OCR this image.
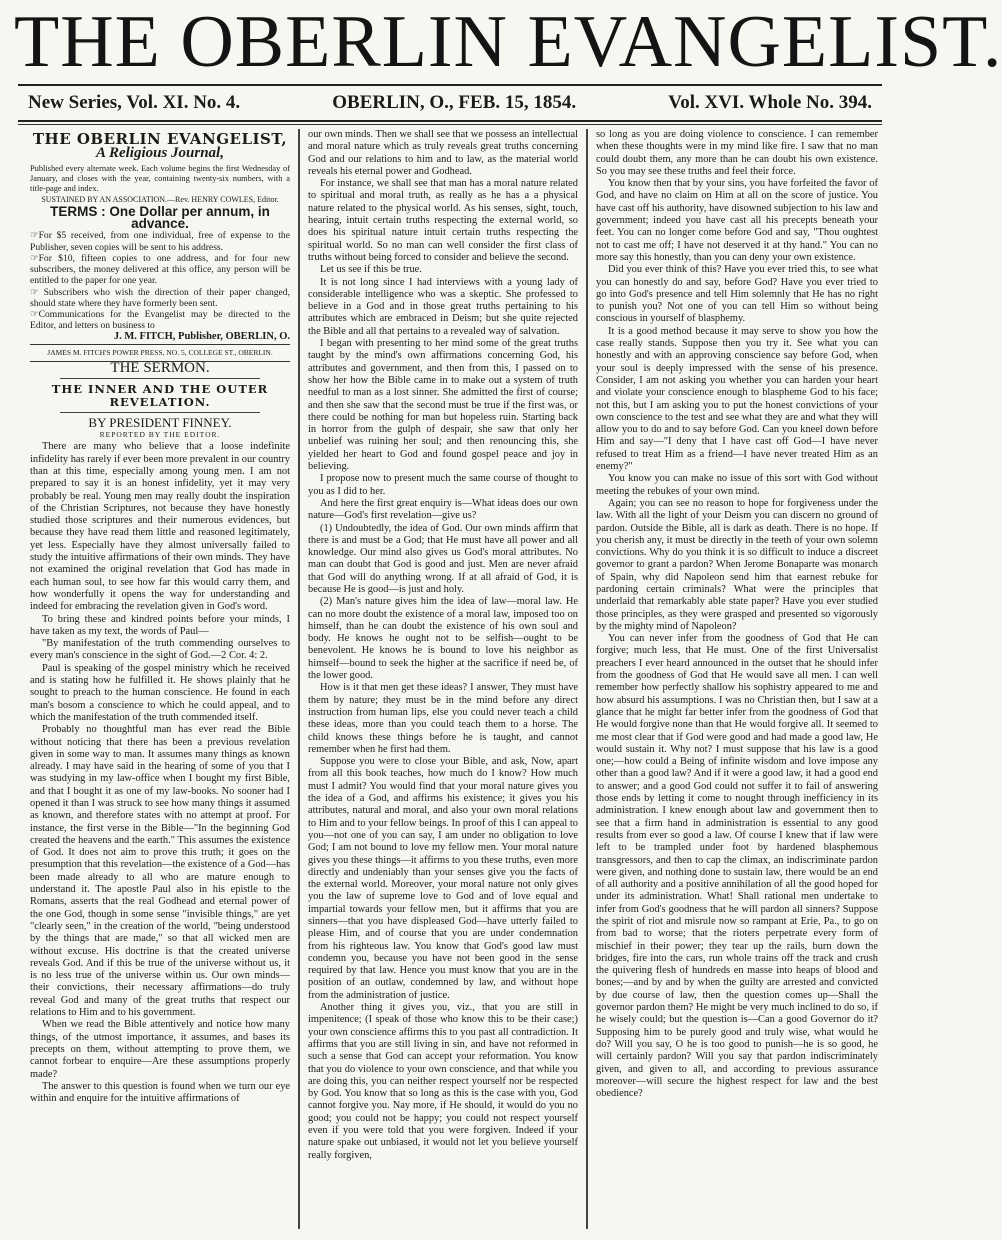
THE OBERLIN EVANGELIST.
New Series, Vol. XI. No. 4.	OBERLIN, O., FEB. 15, 1854.	Vol. XVI. Whole No. 394.

THE OBERLIN EVANGELIST,

A Religious Journal,

Published every alternate week. Each volume begins the first Wednesday of January, and closes with the year, containing twenty-six numbers, with a title-page and index.

SUSTAINED BY AN ASSOCIATION.—Rev. HENRY COWLES, Editor.

TERMS : One Dollar per annum, in advance.

☞For $5 received, from one individual, free of expense to the Publisher, seven copies will be sent to his address.

☞For $10, fifteen copies to one address, and for four new subscribers, the money delivered at this office, any person will be entitled to the paper for one year.

☞ Subscribers who wish the direction of their paper changed, should state where they have formerly been sent.

☞Communications for the Evangelist may be directed to the Editor, and letters on business to

J. M. FITCH, Publisher, OBERLIN, O.

JAMES M. FITCH'S POWER PRESS, NO. 5, COLLEGE ST., OBERLIN.

THE SERMON.

THE INNER AND THE OUTER REVELATION.

BY PRESIDENT FINNEY.

REPORTED BY THE EDITOR.

There are many who believe that a loose indefinite infidelity has rarely if ever been more prevalent in our country than at this time, especially among young men. I am not prepared to say it is an honest infidelity, yet it may very probably be real. Young men may really doubt the inspiration of the Christian Scriptures, not because they have honestly studied those scriptures and their numerous evidences, but because they have read them little and reasoned legitimately, yet less. Especially have they almost universally failed to study the intuitive affirmations of their own minds. They have not examined the original revelation that God has made in each human soul, to see how far this would carry them, and how wonderfully it opens the way for understanding and indeed for embracing the revelation given in God's word.

To bring these and kindred points before your minds, I have taken as my text, the words of Paul—

"By manifestation of the truth commending ourselves to every man's conscience in the sight of God.—2 Cor. 4: 2.

Paul is speaking of the gospel ministry which he received and is stating how he fulfilled it. He shows plainly that he sought to preach to the human conscience. He found in each man's bosom a conscience to which he could appeal, and to which the manifestation of the truth commended itself.

Probably no thoughtful man has ever read the Bible without noticing that there has been a previous revelation given in some way to man. It assumes many things as known already. I may have said in the hearing of some of you that I was studying in my law-office when I bought my first Bible, and that I bought it as one of my law-books. No sooner had I opened it than I was struck to see how many things it assumed as known, and therefore states with no attempt at proof. For instance, the first verse in the Bible—"In the beginning God created the heavens and the earth." This assumes the existence of God. It does not aim to prove this truth; it goes on the presumption that this revelation—the existence of a God—has been made already to all who are mature enough to understand it. The apostle Paul also in his epistle to the Romans, asserts that the real Godhead and eternal power of the one God, though in some sense "invisible things," are yet "clearly seen," in the creation of the world, "being understood by the things that are made," so that all wicked men are without excuse. His doctrine is that the created universe reveals God. And if this be true of the universe without us, it is no less true of the universe within us. Our own minds—their convictions, their necessary affirmations—do truly reveal God and many of the great truths that respect our relations to Him and to his government.

When we read the Bible attentively and notice how many things, of the utmost importance, it assumes, and bases its precepts on them, without attempting to prove them, we cannot forbear to enquire—Are these assumptions properly made?

The answer to this question is found when we turn our eye within and enquire for the intuitive affirmations of

our own minds. Then we shall see that we possess an intellectual and moral nature which as truly reveals great truths concerning God and our relations to him and to law, as the material world reveals his eternal power and Godhead.

For instance, we shall see that man has a moral nature related to spiritual and moral truth, as really as he has a a physical nature related to the physical world. As his senses, sight, touch, hearing, intuit certain truths respecting the external world, so does his spiritual nature intuit certain truths respecting the spiritual world. So no man can well consider the first class of truths without being forced to consider and believe the second.

Let us see if this be true.

It is not long since I had interviews with a young lady of considerable intelligence who was a skeptic. She professed to believe in a God and in those great truths pertaining to his attributes which are embraced in Deism; but she quite rejected the Bible and all that pertains to a revealed way of salvation.

I began with presenting to her mind some of the great truths taught by the mind's own affirmations concerning God, his attributes and government, and then from this, I passed on to show her how the Bible came in to make out a system of truth needful to man as a lost sinner. She admitted the first of course; and then she saw that the second must be true if the first was, or there could be nothing for man but hopeless ruin. Starting back in horror from the gulph of despair, she saw that only her unbelief was ruining her soul; and then renouncing this, she yielded her heart to God and found gospel peace and joy in believing.

I propose now to present much the same course of thought to you as I did to her.

And here the first great enquiry is—What ideas does our own nature—God's first revelation—give us?

(1) Undoubtedly, the idea of God. Our own minds affirm that there is and must be a God; that He must have all power and all knowledge. Our mind also gives us God's moral attributes. No man can doubt that God is good and just. Men are never afraid that God will do anything wrong. If at all afraid of God, it is because He is good—is just and holy.

(2) Man's nature gives him the idea of law—moral law. He can no more doubt the existence of a moral law, imposed too on himself, than he can doubt the existence of his own soul and body. He knows he ought not to be selfish—ought to be benevolent. He knows he is bound to love his neighbor as himself—bound to seek the higher at the sacrifice if need be, of the lower good.

How is it that men get these ideas? I answer, They must have them by nature; they must be in the mind before any direct instruction from human lips, else you could never teach a child these ideas, more than you could teach them to a horse. The child knows these things before he is taught, and cannot remember when he first had them.

Suppose you were to close your Bible, and ask, Now, apart from all this book teaches, how much do I know? How much must I admit? You would find that your moral nature gives you the idea of a God, and affirms his existence; it gives you his attributes, natural and moral, and also your own moral relations to Him and to your fellow beings. In proof of this I can appeal to you—not one of you can say, I am under no obligation to love God; I am not bound to love my fellow men. Your moral nature gives you these things—it affirms to you these truths, even more directly and undeniably than your senses give you the facts of the external world. Moreover, your moral nature not only gives you the law of supreme love to God and of love equal and impartial towards your fellow men, but it affirms that you are sinners—that you have displeased God—have utterly failed to please Him, and of course that you are under condemnation from his righteous law. You know that God's good law must condemn you, because you have not been good in the sense required by that law. Hence you must know that you are in the position of an outlaw, condemned by law, and without hope from the administration of justice.

Another thing it gives you, viz., that you are still in impenitence; (I speak of those who know this to be their case;) your own conscience affirms this to you past all contradiction. It affirms that you are still living in sin, and have not reformed in such a sense that God can accept your reformation. You know that you do violence to your own conscience, and that while you are doing this, you can neither respect yourself nor be respected by God. You know that so long as this is the case with you, God cannot forgive you. Nay more, if He should, it would do you no good; you could not be happy; you could not respect yourself even if you were told that you were forgiven. Indeed if your nature spake out unbiased, it would not let you believe yourself really forgiven,

so long as you are doing violence to conscience. I can remember when these thoughts were in my mind like fire. I saw that no man could doubt them, any more than he can doubt his own existence. So you may see these truths and feel their force.

You know then that by your sins, you have forfeited the favor of God, and have no claim on Him at all on the score of justice. You have cast off his authority, have disowned subjection to his law and government; indeed you have cast all his precepts beneath your feet. You can no longer come before God and say, "Thou oughtest not to cast me off; I have not deserved it at thy hand." You can no more say this honestly, than you can deny your own existence.

Did you ever think of this? Have you ever tried this, to see what you can honestly do and say, before God? Have you ever tried to go into God's presence and tell Him solemnly that He has no right to punish you? Not one of you can tell Him so without being conscious in yourself of blasphemy.

It is a good method because it may serve to show you how the case really stands. Suppose then you try it. See what you can honestly and with an approving conscience say before God, when your soul is deeply impressed with the sense of his presence. Consider, I am not asking you whether you can harden your heart and violate your conscience enough to blaspheme God to his face; not this, but I am asking you to put the honest convictions of your own conscience to the test and see what they are and what they will allow you to do and to say before God. Can you kneel down before Him and say—"I deny that I have cast off God—I have never refused to treat Him as a friend—I have never treated Him as an enemy?"

You know you can make no issue of this sort with God without meeting the rebukes of your own mind.

Again; you can see no reason to hope for forgiveness under the law. With all the light of your Deism you can discern no ground of pardon. Outside the Bible, all is dark as death. There is no hope. If you cherish any, it must be directly in the teeth of your own solemn convictions. Why do you think it is so difficult to induce a discreet governor to grant a pardon? When Jerome Bonaparte was monarch of Spain, why did Napoleon send him that earnest rebuke for pardoning certain criminals? What were the principles that underlaid that remarkably able state paper? Have you ever studied those principles, as they were grasped and presented so vigorously by the mighty mind of Napoleon?

You can never infer from the goodness of God that He can forgive; much less, that He must. One of the first Universalist preachers I ever heard announced in the outset that he should infer from the goodness of God that He would save all men. I can well remember how perfectly shallow his sophistry appeared to me and how absurd his assumptions. I was no Christian then, but I saw at a glance that he might far better infer from the goodness of God that He would forgive none than that He would forgive all. It seemed to me most clear that if God were good and had made a good law, He would sustain it. Why not? I must suppose that his law is a good one;—how could a Being of infinite wisdom and love impose any other than a good law? And if it were a good law, it had a good end to answer; and a good God could not suffer it to fail of answering those ends by letting it come to nought through inefficiency in its administration. I knew enough about law and government then to see that a firm hand in administration is essential to any good results from ever so good a law. Of course I knew that if law were left to be trampled under foot by hardened blasphemous transgressors, and then to cap the climax, an indiscriminate pardon were given, and nothing done to sustain law, there would be an end of all authority and a positive annihilation of all the good hoped for under its administration. What! Shall rational men undertake to infer from God's goodness that he will pardon all sinners? Suppose the spirit of riot and misrule now so rampant at Erie, Pa., to go on from bad to worse; that the rioters perpetrate every form of mischief in their power; they tear up the rails, burn down the bridges, fire into the cars, run whole trains off the track and crush the quivering flesh of hundreds en masse into heaps of blood and bones;—and by and by when the guilty are arrested and convicted by due course of law, then the question comes up—Shall the governor pardon them? He might be very much inclined to do so, if he wisely could; but the question is—Can a good Governor do it? Supposing him to be purely good and truly wise, what would he do? Will you say, O he is too good to punish—he is so good, he will certainly pardon? Will you say that pardon indiscriminately given, and given to all, and according to previous assurance moreover—will secure the highest respect for law and the best obedience?
